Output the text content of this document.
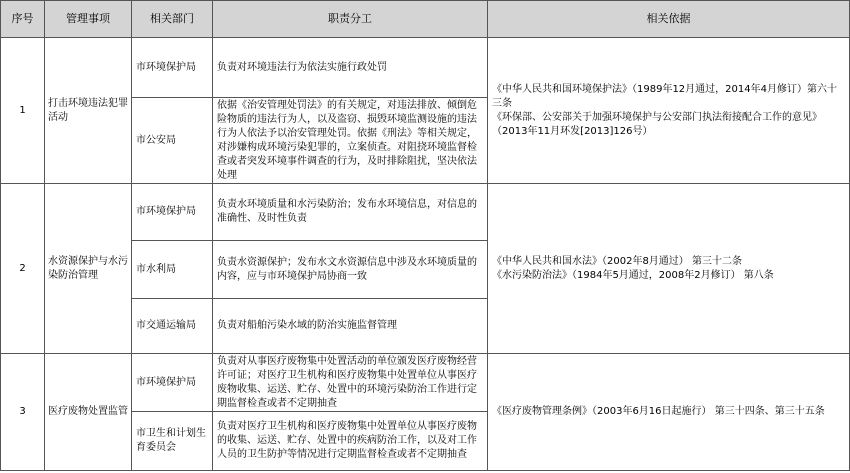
序号	管理事项	相关部门	职责分工	相关依据
1	打击环境违法犯罪活动	市环境保护局	负责对环境违法行为依法实施行政处罚	《中华人民共和国环境保护法》（1989年12月通过，2014年4月修订）第六十三条
《环保部、公安部关于加强环境保护与公安部门执法衔接配合工作的意见》（2013年11月环发[2013]126号）

		市公安局	依据《治安管理处罚法》的有关规定，对违法排放、倾倒危险物质的违法行为人，以及盗窃、损毁环境监测设施的违法行为人依法予以治安管理处罚。依据《刑法》等相关规定，对涉嫌构成环境污染犯罪的，立案侦查。对阻挠环境监督检查或者突发环境事件调查的行为，及时排除阻扰，坚决依法处理	
2	水资源保护与水污染防治管理	市环境保护局	负责水环境质量和水污染防治；发布水环境信息，对信息的准确性、及时性负责	《中华人民共和国水法》（2002年8月通过） 第三十二条
《水污染防治法》（1984年5月通过，2008年2月修订） 第八条

		市水利局	负责水资源保护；发布水文水资源信息中涉及水环境质量的内容，应与市环境保护局协商一致	
		市交通运输局	负责对船舶污染水域的防治实施监督管理	
3	医疗废物处置监管	市环境保护局	负责对从事医疗废物集中处置活动的单位颁发医疗废物经营许可证；对医疗卫生机构和医疗废物集中处置单位从事医疗废物收集、运送、贮存、处置中的环境污染防治工作进行定期监督检查或者不定期抽查	《医疗废物管理条例》（2003年6月16日起施行） 第三十四条、第三十五条

		市卫生和计划生育委员会	负责对医疗卫生机构和医疗废物集中处置单位从事医疗废物的收集、运送、贮存、处置中的疾病防治工作，以及对工作人员的卫生防护等情况进行定期监督检查或者不定期抽查	
